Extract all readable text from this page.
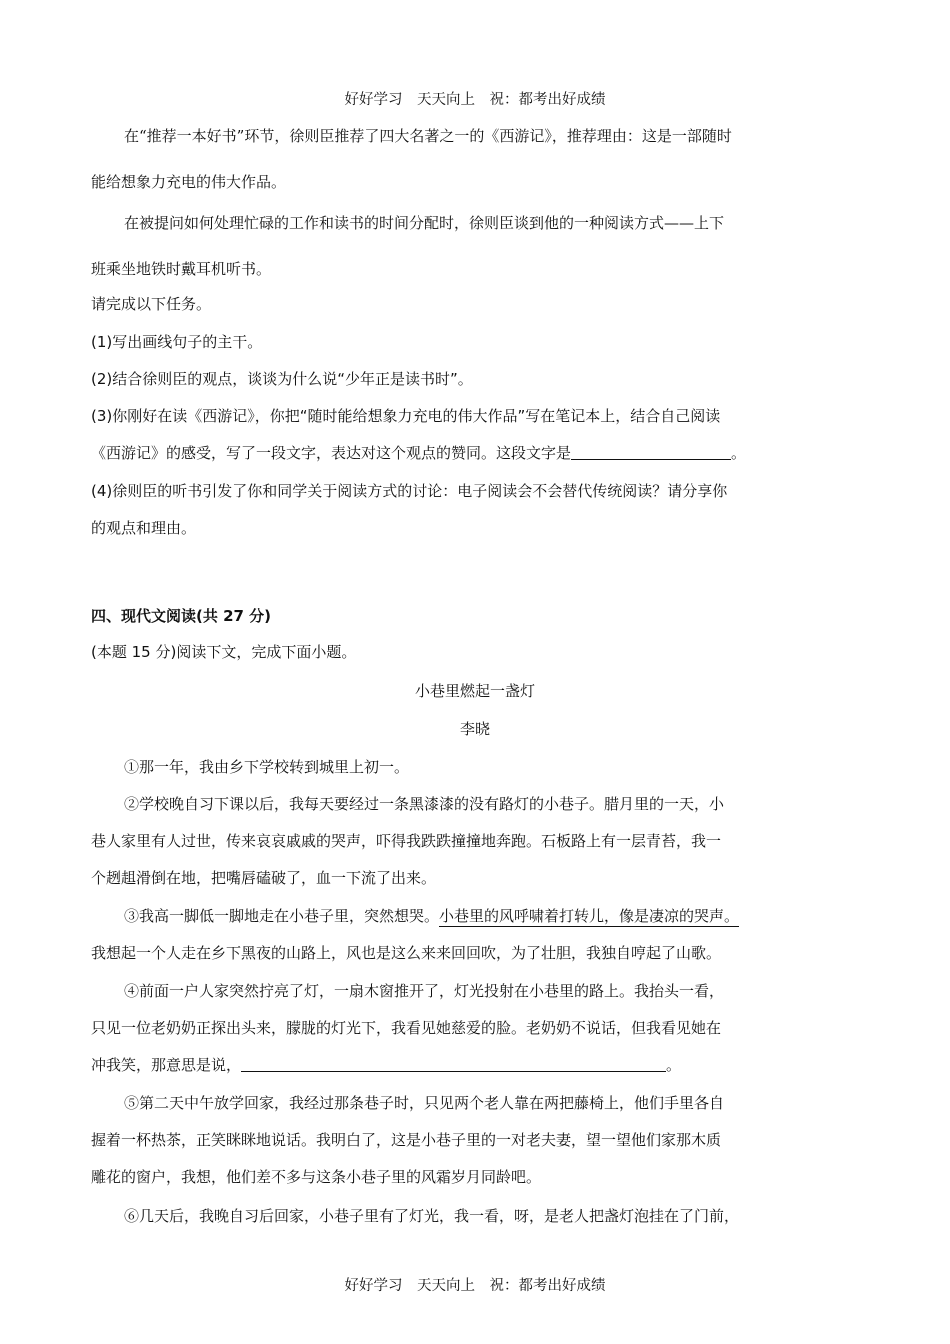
好好学习　天天向上　祝：都考出好成绩
在“推荐一本好书”环节，徐则臣推荐了四大名著之一的《西游记》，推荐理由：这是一部随时
能给想象力充电的伟大作品。
在被提问如何处理忙碌的工作和读书的时间分配时，徐则臣谈到他的一种阅读方式——上下
班乘坐地铁时戴耳机听书。
请完成以下任务。
(1)写出画线句子的主干。
(2)结合徐则臣的观点，谈谈为什么说“少年正是读书时”。
(3)你刚好在读《西游记》，你把“随时能给想象力充电的伟大作品”写在笔记本上，结合自己阅读
《西游记》的感受，写了一段文字，表达对这个观点的赞同。这段文字是	。
(4)徐则臣的听书引发了你和同学关于阅读方式的讨论：电子阅读会不会替代传统阅读？请分享你
的观点和理由。
四、现代文阅读(共 27 分)
(本题 15 分)阅读下文，完成下面小题。
小巷里燃起一盏灯
李晓
①那一年，我由乡下学校转到城里上初一。
②学校晚自习下课以后，我每天要经过一条黑漆漆的没有路灯的小巷子。腊月里的一天，小
巷人家里有人过世，传来哀哀戚戚的哭声，吓得我跌跌撞撞地奔跑。石板路上有一层青苔，我一
个趔趄滑倒在地，把嘴唇磕破了，血一下流了出来。
③我高一脚低一脚地走在小巷子里，突然想哭。小巷里的风呼啸着打转儿，像是凄凉的哭声。
我想起一个人走在乡下黑夜的山路上，风也是这么来来回回吹，为了壮胆，我独自哼起了山歌。
④前面一户人家突然拧亮了灯，一扇木窗推开了，灯光投射在小巷里的路上。我抬头一看，
只见一位老奶奶正探出头来，朦胧的灯光下，我看见她慈爱的脸。老奶奶不说话，但我看见她在
冲我笑，那意思是说，	。
⑤第二天中午放学回家，我经过那条巷子时，只见两个老人靠在两把藤椅上，他们手里各自
握着一杯热茶，正笑眯眯地说话。我明白了，这是小巷子里的一对老夫妻，望一望他们家那木质
雕花的窗户，我想，他们差不多与这条小巷子里的风霜岁月同龄吧。
⑥几天后，我晚自习后回家，小巷子里有了灯光，我一看，呀，是老人把盏灯泡挂在了门前，
好好学习　天天向上　祝：都考出好成绩
